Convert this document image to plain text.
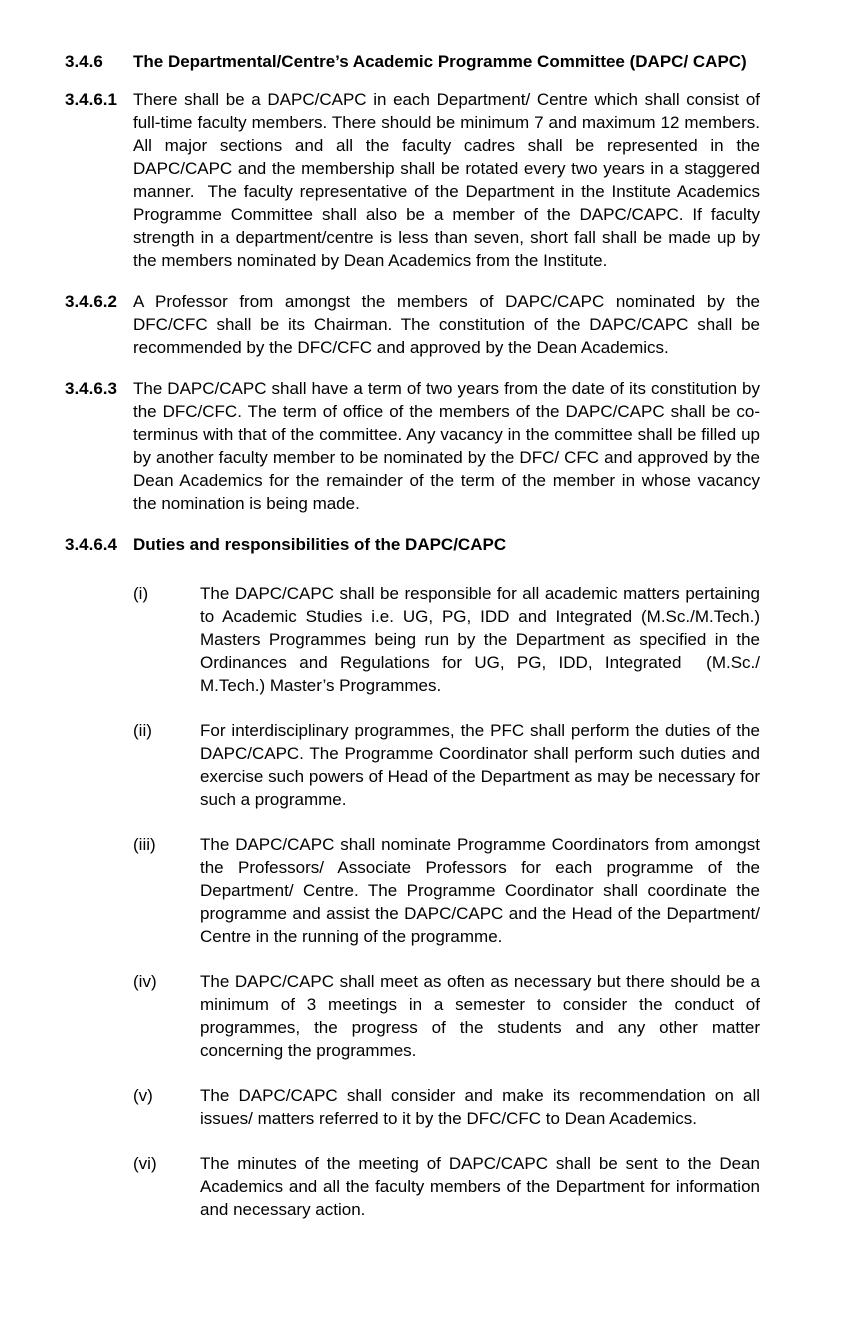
3.4.6	The Departmental/Centre’s Academic Programme Committee (DAPC/ CAPC)
3.4.6.1 There shall be a DAPC/CAPC in each Department/ Centre which shall consist of full-time faculty members. There should be minimum 7 and maximum 12 members. All major sections and all the faculty cadres shall be represented in the DAPC/CAPC and the membership shall be rotated every two years in a staggered manner.  The faculty representative of the Department in the Institute Academics Programme Committee shall also be a member of the DAPC/CAPC. If faculty strength in a department/centre is less than seven, short fall shall be made up by the members nominated by Dean Academics from the Institute.
3.4.6.2 A Professor from amongst the members of DAPC/CAPC nominated by the DFC/CFC shall be its Chairman. The constitution of the DAPC/CAPC shall be recommended by the DFC/CFC and approved by the Dean Academics.
3.4.6.3 The DAPC/CAPC shall have a term of two years from the date of its constitution by the DFC/CFC. The term of office of the members of the DAPC/CAPC shall be co-terminus with that of the committee. Any vacancy in the committee shall be filled up by another faculty member to be nominated by the DFC/ CFC and approved by the Dean Academics for the remainder of the term of the member in whose vacancy the nomination is being made.
3.4.6.4 Duties and responsibilities of the DAPC/CAPC
(i)	The DAPC/CAPC shall be responsible for all academic matters pertaining to Academic Studies i.e. UG, PG, IDD and Integrated (M.Sc./M.Tech.) Masters Programmes being run by the Department as specified in the Ordinances and Regulations for UG, PG, IDD, Integrated  (M.Sc./ M.Tech.) Master’s Programmes.
(ii)	For interdisciplinary programmes, the PFC shall perform the duties of the DAPC/CAPC. The Programme Coordinator shall perform such duties and exercise such powers of Head of the Department as may be necessary for such a programme.
(iii)	The DAPC/CAPC shall nominate Programme Coordinators from amongst the Professors/ Associate Professors for each programme of the Department/ Centre. The Programme Coordinator shall coordinate the programme and assist the DAPC/CAPC and the Head of the Department/ Centre in the running of the programme.
(iv)	The DAPC/CAPC shall meet as often as necessary but there should be a minimum of 3 meetings in a semester to consider the conduct of programmes, the progress of the students and any other matter concerning the programmes.
(v)	The DAPC/CAPC shall consider and make its recommendation on all issues/ matters referred to it by the DFC/CFC to Dean Academics.
(vi)	The minutes of the meeting of DAPC/CAPC shall be sent to the Dean Academics and all the faculty members of the Department for information and necessary action.
